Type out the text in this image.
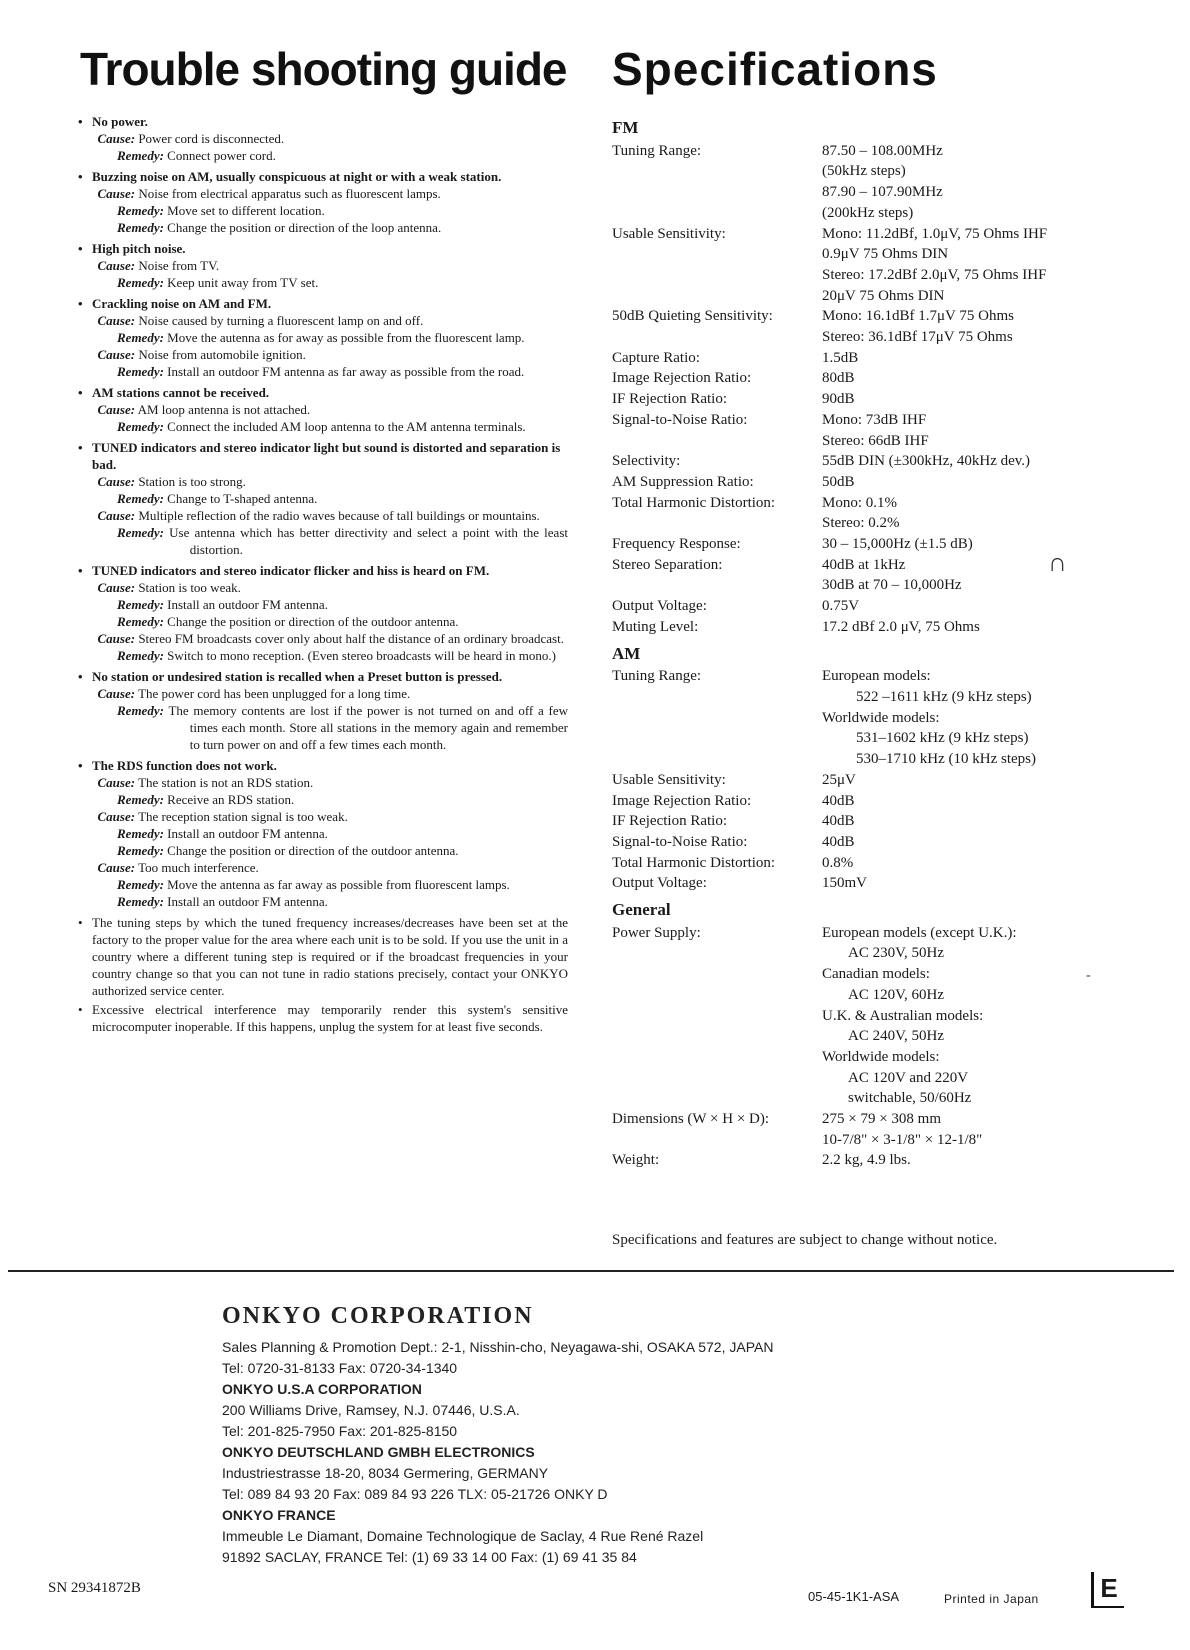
Trouble shooting guide Specifications
• No power.
Cause: Power cord is disconnected.
Remedy: Connect power cord.
• Buzzing noise on AM, usually conspicuous at night or with a weak station.
Cause: Noise from electrical apparatus such as fluorescent lamps.
Remedy: Move set to different location.
Remedy: Change the position or direction of the loop antenna.
• High pitch noise.
Cause: Noise from TV.
Remedy: Keep unit away from TV set.
• Crackling noise on AM and FM.
Cause: Noise caused by turning a fluorescent lamp on and off.
Remedy: Move the autenna as for away as possible from the fluorescent lamp.
Cause: Noise from automobile ignition.
Remedy: Install an outdoor FM antenna as far away as possible from the road.
• AM stations cannot be received.
Cause: AM loop antenna is not attached.
Remedy: Connect the included AM loop antenna to the AM antenna terminals.
• TUNED indicators and stereo indicator light but sound is distorted and separation is bad.
Cause: Station is too strong.
Remedy: Change to T-shaped antenna.
Cause: Multiple reflection of the radio waves because of tall buildings or mountains.
Remedy: Use antenna which has better directivity and select a point with the least distortion.
• TUNED indicators and stereo indicator flicker and hiss is heard on FM.
Cause: Station is too weak.
Remedy: Install an outdoor FM antenna.
Remedy: Change the position or direction of the outdoor antenna.
Cause: Stereo FM broadcasts cover only about half the distance of an ordinary broadcast.
Remedy: Switch to mono reception. (Even stereo broadcasts will be heard in mono.)
• No station or undesired station is recalled when a Preset button is pressed.
Cause: The power cord has been unplugged for a long time.
Remedy: The memory contents are lost if the power is not turned on and off a few times each month. Store all stations in the memory again and remember to turn power on and off a few times each month.
• The RDS function does not work.
Cause: The station is not an RDS station.
Remedy: Receive an RDS station.
Cause: The reception station signal is too weak.
Remedy: Install an outdoor FM antenna.
Remedy: Change the position or direction of the outdoor antenna.
Cause: Too much interference.
Remedy: Move the antenna as far away as possible from fluorescent lamps.
Remedy: Install an outdoor FM antenna.
• The tuning steps by which the tuned frequency increases/decreases have been set at the factory to the proper value for the area where each unit is to be sold. If you use the unit in a country where a different tuning step is required or if the broadcast frequencies in your country change so that you can not tune in radio stations precisely, contact your ONKYO authorized service center.
• Excessive electrical interference may temporarily render this system's sensitive microcomputer inoperable. If this happens, unplug the system for at least five seconds.
FM
Tuning Range:	87.50 – 108.00MHz
(50kHz steps)
87.90 – 107.90MHz
(200kHz steps)
Usable Sensitivity:	Mono: 11.2dBf, 1.0μV, 75 Ohms IHF
0.9μV 75 Ohms DIN
Stereo: 17.2dBf 2.0μV, 75 Ohms IHF
20μV 75 Ohms DIN
50dB Quieting Sensitivity:	Mono: 16.1dBf 1.7μV 75 Ohms
Stereo: 36.1dBf 17μV 75 Ohms
Capture Ratio:	1.5dB
Image Rejection Ratio:	80dB
IF Rejection Ratio:	90dB
Signal-to-Noise Ratio:	Mono: 73dB IHF
Stereo: 66dB IHF
Selectivity:	55dB DIN (±300kHz, 40kHz dev.)
AM Suppression Ratio:	50dB
Total Harmonic Distortion:	Mono: 0.1%
Stereo: 0.2%
Frequency Response:	30 – 15,000Hz (±1.5 dB)
Stereo Separation:	40dB at 1kHz
30dB at 70 – 10,000Hz
Output Voltage:	0.75V
Muting Level:	17.2 dBf 2.0 μV, 75 Ohms
AM
Tuning Range:	European models:
522 –1611 kHz (9 kHz steps)
Worldwide models:
531–1602 kHz (9 kHz steps)
530–1710 kHz (10 kHz steps)
Usable Sensitivity:	25μV
Image Rejection Ratio:	40dB
IF Rejection Ratio:	40dB
Signal-to-Noise Ratio:	40dB
Total Harmonic Distortion:	0.8%
Output Voltage:	150mV
General
Power Supply:	European models (except U.K.):
AC 230V, 50Hz
Canadian models:
AC 120V, 60Hz
U.K. & Australian models:
AC 240V, 50Hz
Worldwide models:
AC 120V and 220V
switchable, 50/60Hz
Dimensions (W × H × D):	275 × 79 × 308 mm
10-7/8" × 3-1/8" × 12-1/8"
Weight:	2.2 kg, 4.9 lbs.
Specifications and features are subject to change without notice.
ONKYO CORPORATION
Sales Planning & Promotion Dept.: 2-1, Nisshin-cho, Neyagawa-shi, OSAKA 572, JAPAN
Tel: 0720-31-8133 Fax: 0720-34-1340
ONKYO U.S.A CORPORATION
200 Williams Drive, Ramsey, N.J. 07446, U.S.A.
Tel: 201-825-7950 Fax: 201-825-8150
ONKYO DEUTSCHLAND GMBH ELECTRONICS
Industriestrasse 18-20, 8034 Germering, GERMANY
Tel: 089 84 93 20 Fax: 089 84 93 226 TLX: 05-21726 ONKY D
ONKYO FRANCE
Immeuble Le Diamant, Domaine Technologique de Saclay, 4 Rue René Razel
91892 SACLAY, FRANCE Tel: (1) 69 33 14 00 Fax: (1) 69 41 35 84
SN 29341872B
05-45-1K1-ASA	Printed in Japan	E
∩
‑
